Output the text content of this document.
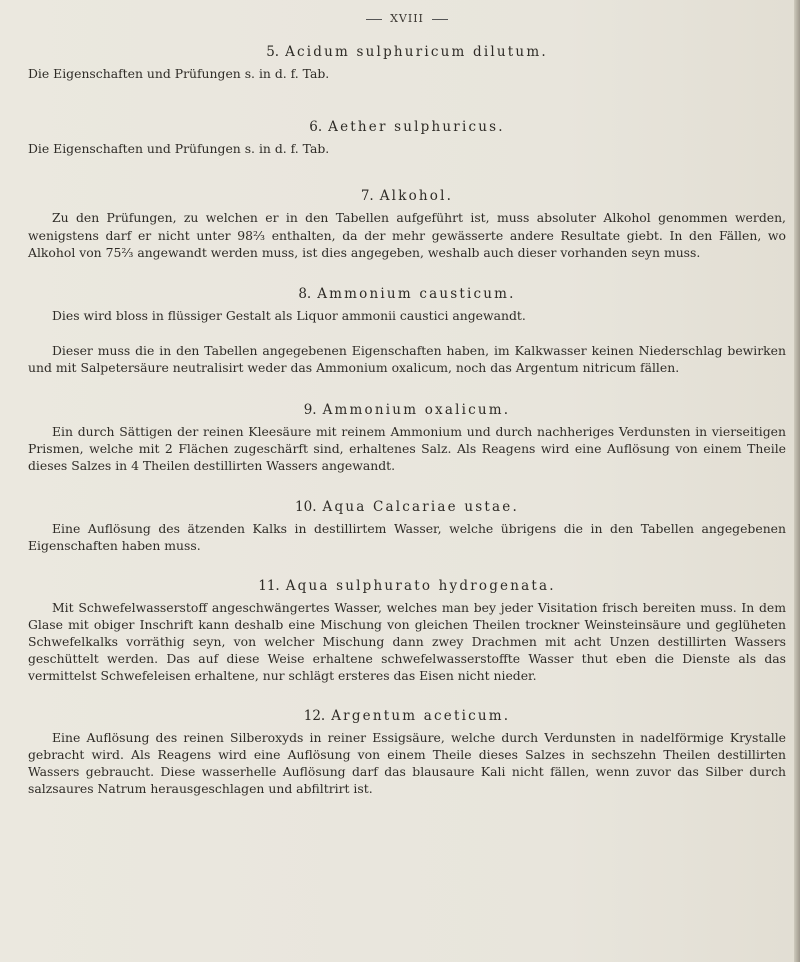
XVIII
5. Acidum sulphuricum dilutum.

Die Eigenschaften und Prüfungen s. in d. f. Tab.

6. Aether sulphuricus.

Die Eigenschaften und Prüfungen s. in d. f. Tab.

7. Alkohol.

Zu den Prüfungen, zu welchen er in den Tabellen aufgeführt ist, muss absoluter Alkohol genommen werden, wenigstens darf er nicht unter 98⅔ enthalten, da der mehr gewässerte andere Resultate giebt. In den Fällen, wo Alkohol von 75⅔ angewandt werden muss, ist dies angegeben, weshalb auch dieser vorhanden seyn muss.

8. Ammonium causticum.

Dies wird bloss in flüssiger Gestalt als Liquor ammonii caustici angewandt.

Dieser muss die in den Tabellen angegebenen Eigenschaften haben, im Kalkwasser keinen Niederschlag bewirken und mit Salpetersäure neutralisirt weder das Ammonium oxalicum, noch das Argentum nitricum fällen.

9. Ammonium oxalicum.

Ein durch Sättigen der reinen Kleesäure mit reinem Ammonium und durch nachheriges Verdunsten in vierseitigen Prismen, welche mit 2 Flächen zugeschärft sind, erhaltenes Salz. Als Reagens wird eine Auflösung von einem Theile dieses Salzes in 4 Theilen destillirten Wassers angewandt.

10. Aqua Calcariae ustae.

Eine Auflösung des ätzenden Kalks in destillirtem Wasser, welche übrigens die in den Tabellen angegebenen Eigenschaften haben muss.

11. Aqua sulphurato hydrogenata.

Mit Schwefelwasserstoff angeschwängertes Wasser, welches man bey jeder Visitation frisch bereiten muss. In dem Glase mit obiger Inschrift kann deshalb eine Mischung von gleichen Theilen trockner Weinsteinsäure und geglüheten Schwefelkalks vorräthig seyn, von welcher Mischung dann zwey Drachmen mit acht Unzen destillirten Wassers geschüttelt werden. Das auf diese Weise erhaltene schwefelwasserstoffte Wasser thut eben die Dienste als das vermittelst Schwefeleisen erhaltene, nur schlägt ersteres das Eisen nicht nieder.

12. Argentum aceticum.

Eine Auflösung des reinen Silberoxyds in reiner Essigsäure, welche durch Verdunsten in nadelförmige Krystalle gebracht wird. Als Reagens wird eine Auflösung von einem Theile dieses Salzes in sechszehn Theilen destillirten Wassers gebraucht. Diese wasserhelle Auflösung darf das blausaure Kali nicht fällen, wenn zuvor das Silber durch salzsaures Natrum herausgeschlagen und abfiltrirt ist.
